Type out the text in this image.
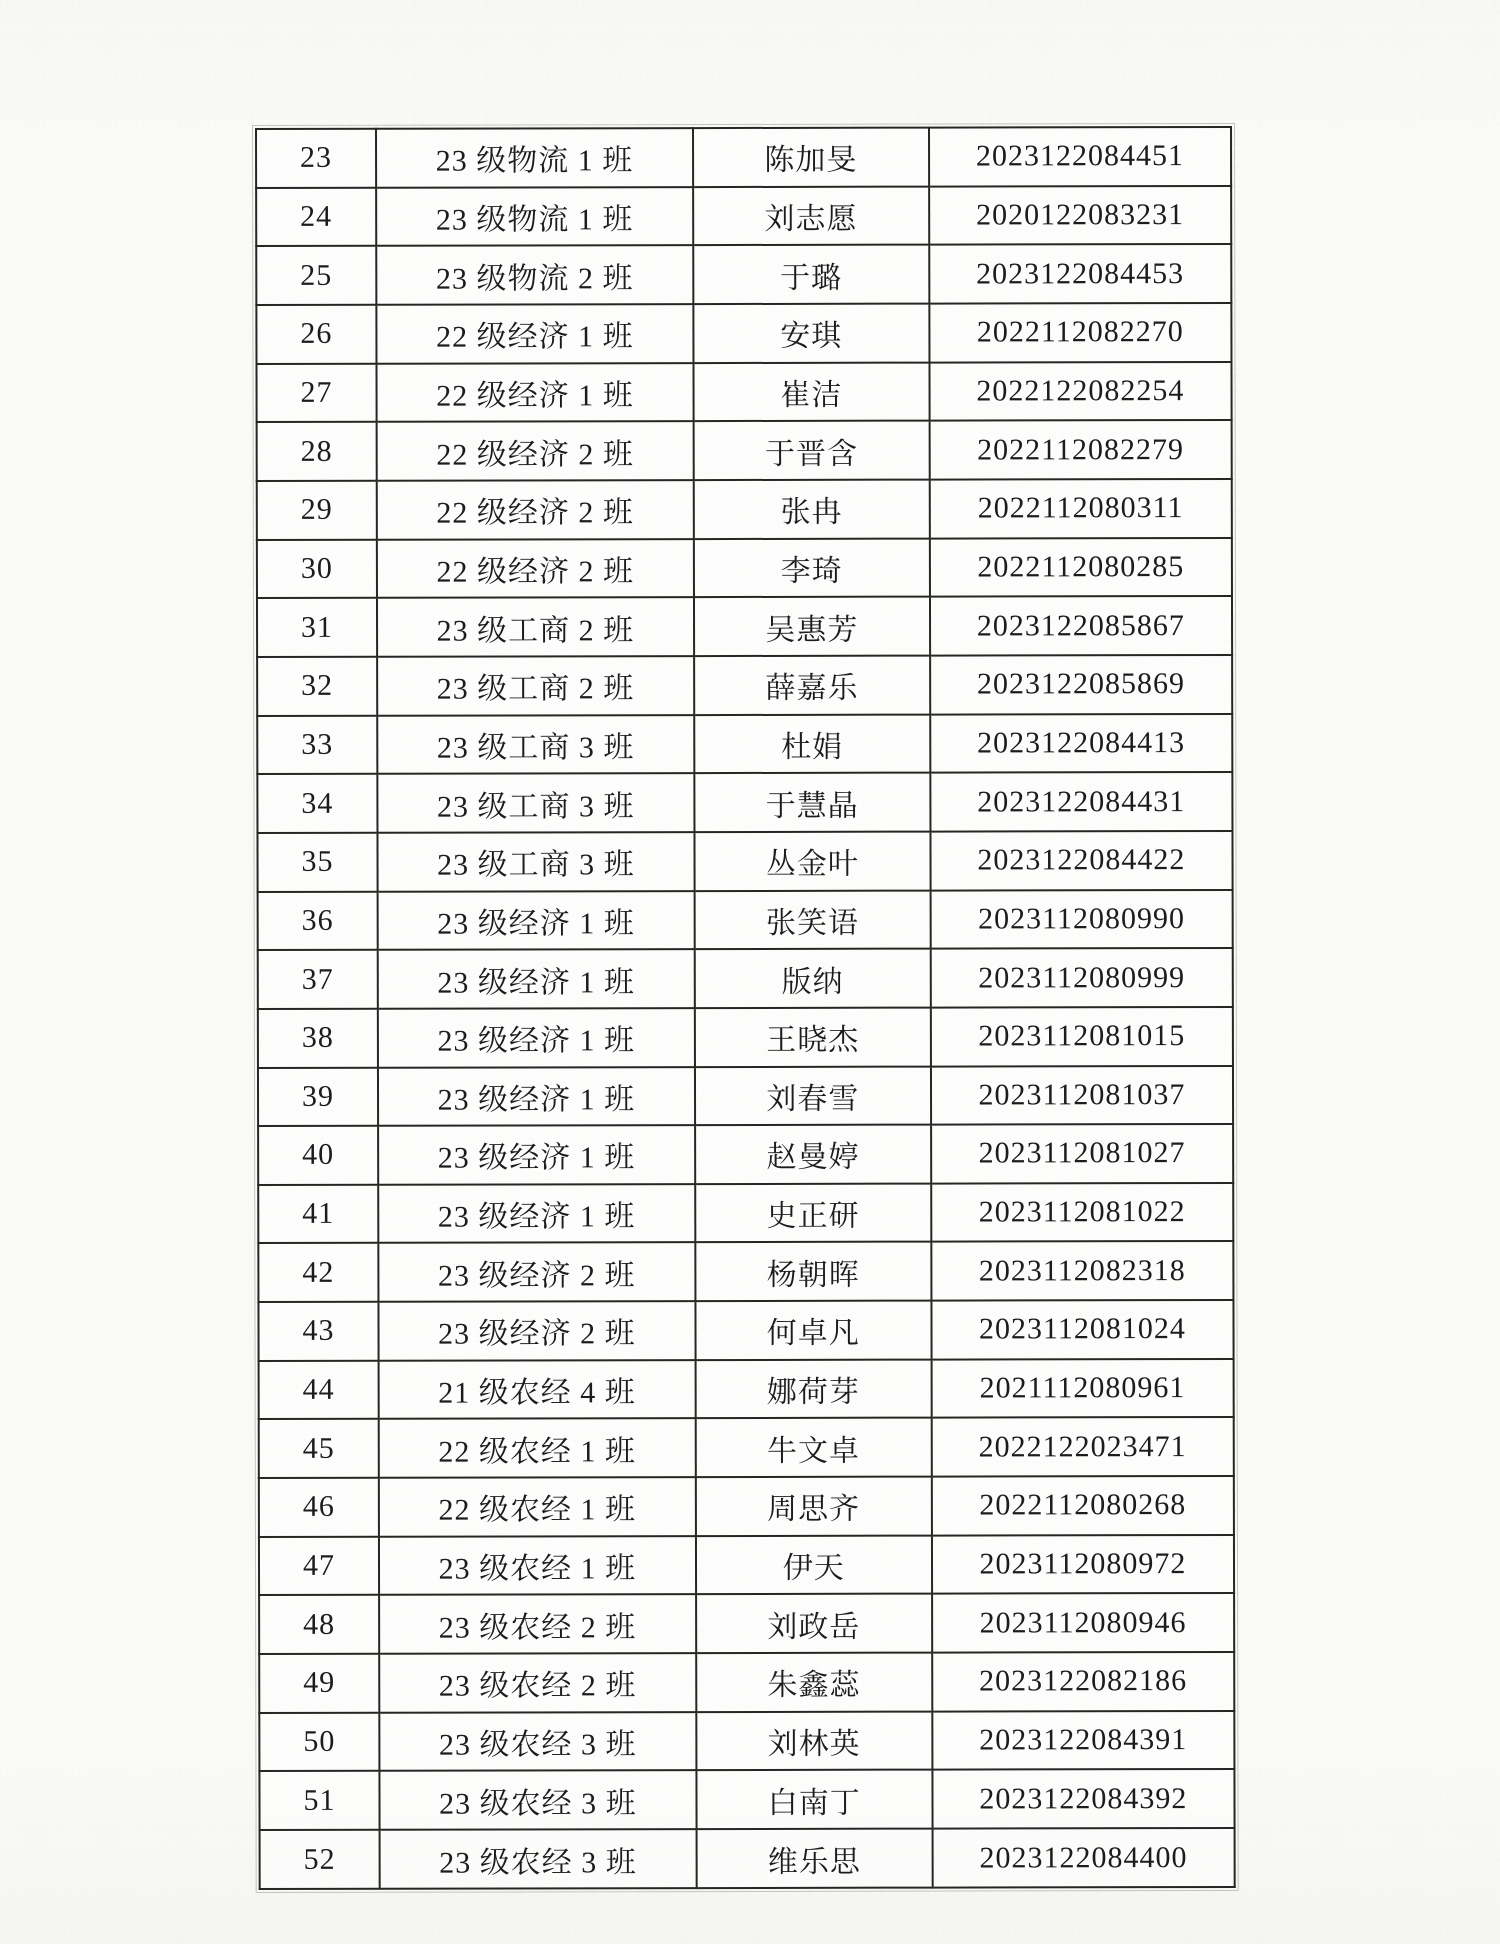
23	23 级物流 1 班	陈加旻	2023122084451
24	23 级物流 1 班	刘志愿	2020122083231
25	23 级物流 2 班	于璐	2023122084453
26	22 级经济 1 班	安琪	2022112082270
27	22 级经济 1 班	崔洁	2022122082254
28	22 级经济 2 班	于晋含	2022112082279
29	22 级经济 2 班	张冉	2022112080311
30	22 级经济 2 班	李琦	2022112080285
31	23 级工商 2 班	吴惠芳	2023122085867
32	23 级工商 2 班	薛嘉乐	2023122085869
33	23 级工商 3 班	杜娟	2023122084413
34	23 级工商 3 班	于慧晶	2023122084431
35	23 级工商 3 班	丛金叶	2023122084422
36	23 级经济 1 班	张笑语	2023112080990
37	23 级经济 1 班	版纳	2023112080999
38	23 级经济 1 班	王晓杰	2023112081015
39	23 级经济 1 班	刘春雪	2023112081037
40	23 级经济 1 班	赵曼婷	2023112081027
41	23 级经济 1 班	史正研	2023112081022
42	23 级经济 2 班	杨朝晖	2023112082318
43	23 级经济 2 班	何卓凡	2023112081024
44	21 级农经 4 班	娜荷芽	2021112080961
45	22 级农经 1 班	牛文卓	2022122023471
46	22 级农经 1 班	周思齐	2022112080268
47	23 级农经 1 班	伊天	2023112080972
48	23 级农经 2 班	刘政岳	2023112080946
49	23 级农经 2 班	朱鑫蕊	2023122082186
50	23 级农经 3 班	刘林英	2023122084391
51	23 级农经 3 班	白南丁	2023122084392
52	23 级农经 3 班	维乐思	2023122084400
